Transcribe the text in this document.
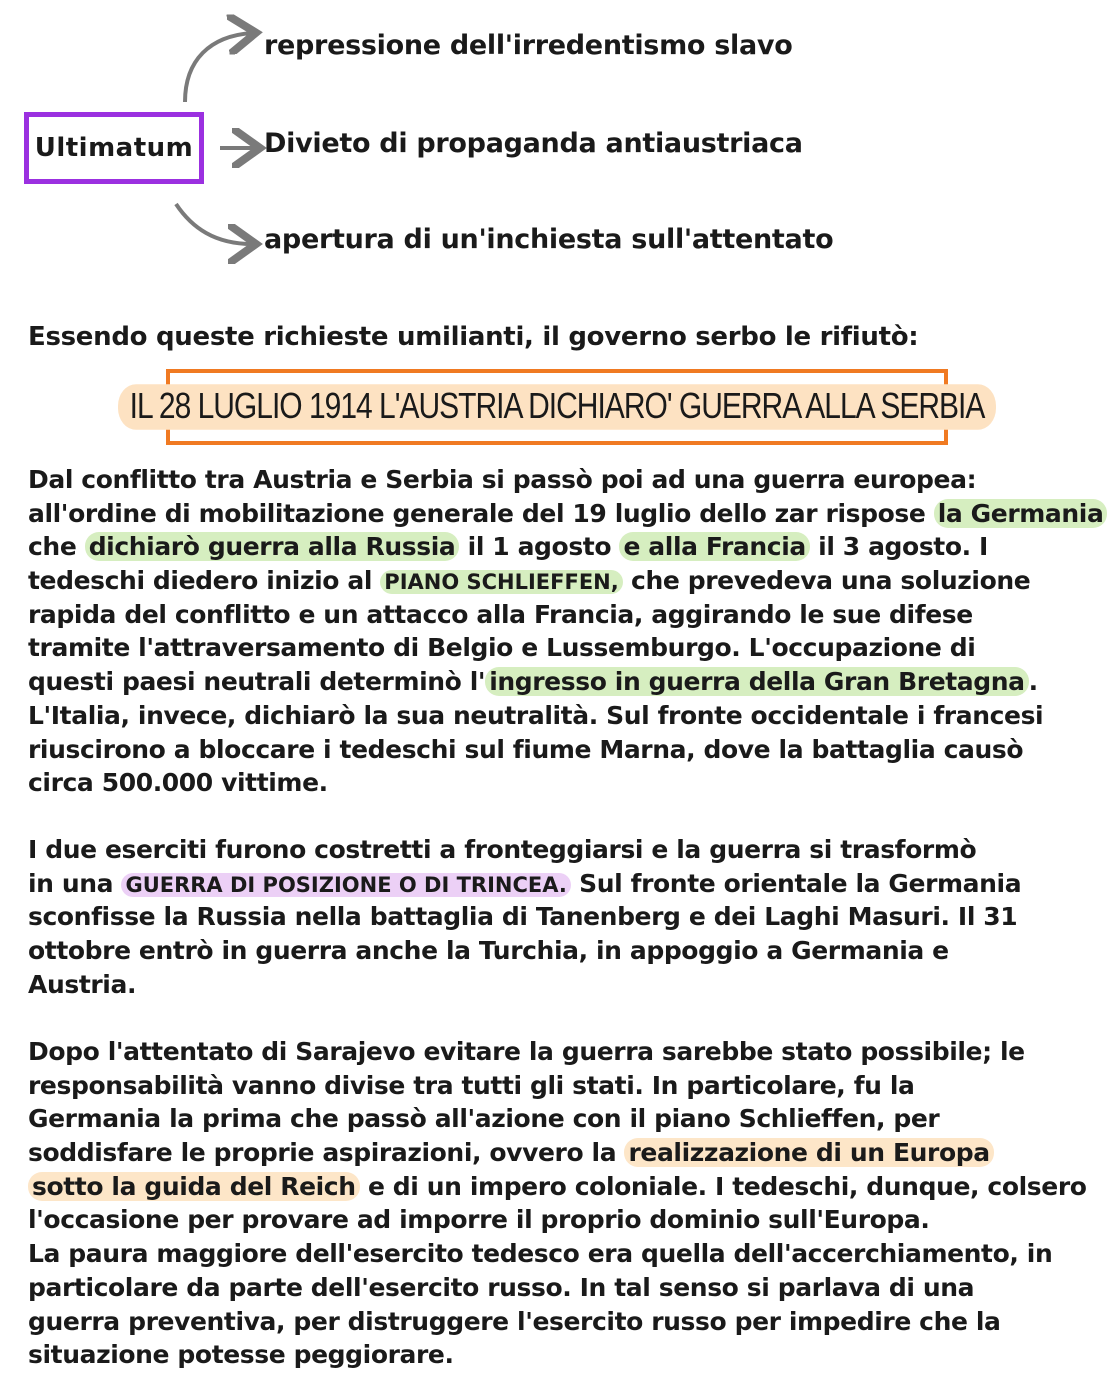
Ultimatum
repressione dell'irredentismo slavo
Divieto di propaganda antiaustriaca
apertura di un'inchiesta sull'attentato
Essendo queste richieste umilianti, il governo serbo le rifiutò:
IL 28 LUGLIO 1914 L'AUSTRIA DICHIARO' GUERRA ALLA SERBIA
Dal conflitto tra Austria e Serbia si passò poi ad una guerra europea:
all'ordine di mobilitazione generale del 19 luglio dello zar rispose la Germania
che dichiarò guerra alla Russia il 1 agosto e alla Francia il 3 agosto. I
tedeschi diedero inizio al PIANO SCHLIEFFEN, che prevedeva una soluzione
rapida del conflitto e un attacco alla Francia, aggirando le sue difese
tramite l'attraversamento di Belgio e Lussemburgo. L'occupazione di
questi paesi neutrali determinò l' ingresso in guerra della Gran Bretagna .
L'Italia, invece, dichiarò la sua neutralità. Sul fronte occidentale i francesi
riuscirono a bloccare i tedeschi sul fiume Marna, dove la battaglia causò
circa 500.000 vittime.
I due eserciti furono costretti a fronteggiarsi e la guerra si trasformò
in una GUERRA DI POSIZIONE O DI TRINCEA. Sul fronte orientale la Germania
sconfisse la Russia nella battaglia di Tanenberg e dei Laghi Masuri. Il 31
ottobre entrò in guerra anche la Turchia, in appoggio a Germania e
Austria.
Dopo l'attentato di Sarajevo evitare la guerra sarebbe stato possibile; le
responsabilità vanno divise tra tutti gli stati. In particolare, fu la
Germania la prima che passò all'azione con il piano Schlieffen, per
soddisfare le proprie aspirazioni, ovvero la realizzazione di un Europa
sotto la guida del Reich e di un impero coloniale. I tedeschi, dunque, colsero
l'occasione per provare ad imporre il proprio dominio sull'Europa.
La paura maggiore dell'esercito tedesco era quella dell'accerchiamento, in
particolare da parte dell'esercito russo. In tal senso si parlava di una
guerra preventiva, per distruggere l'esercito russo per impedire che la
situazione potesse peggiorare.
